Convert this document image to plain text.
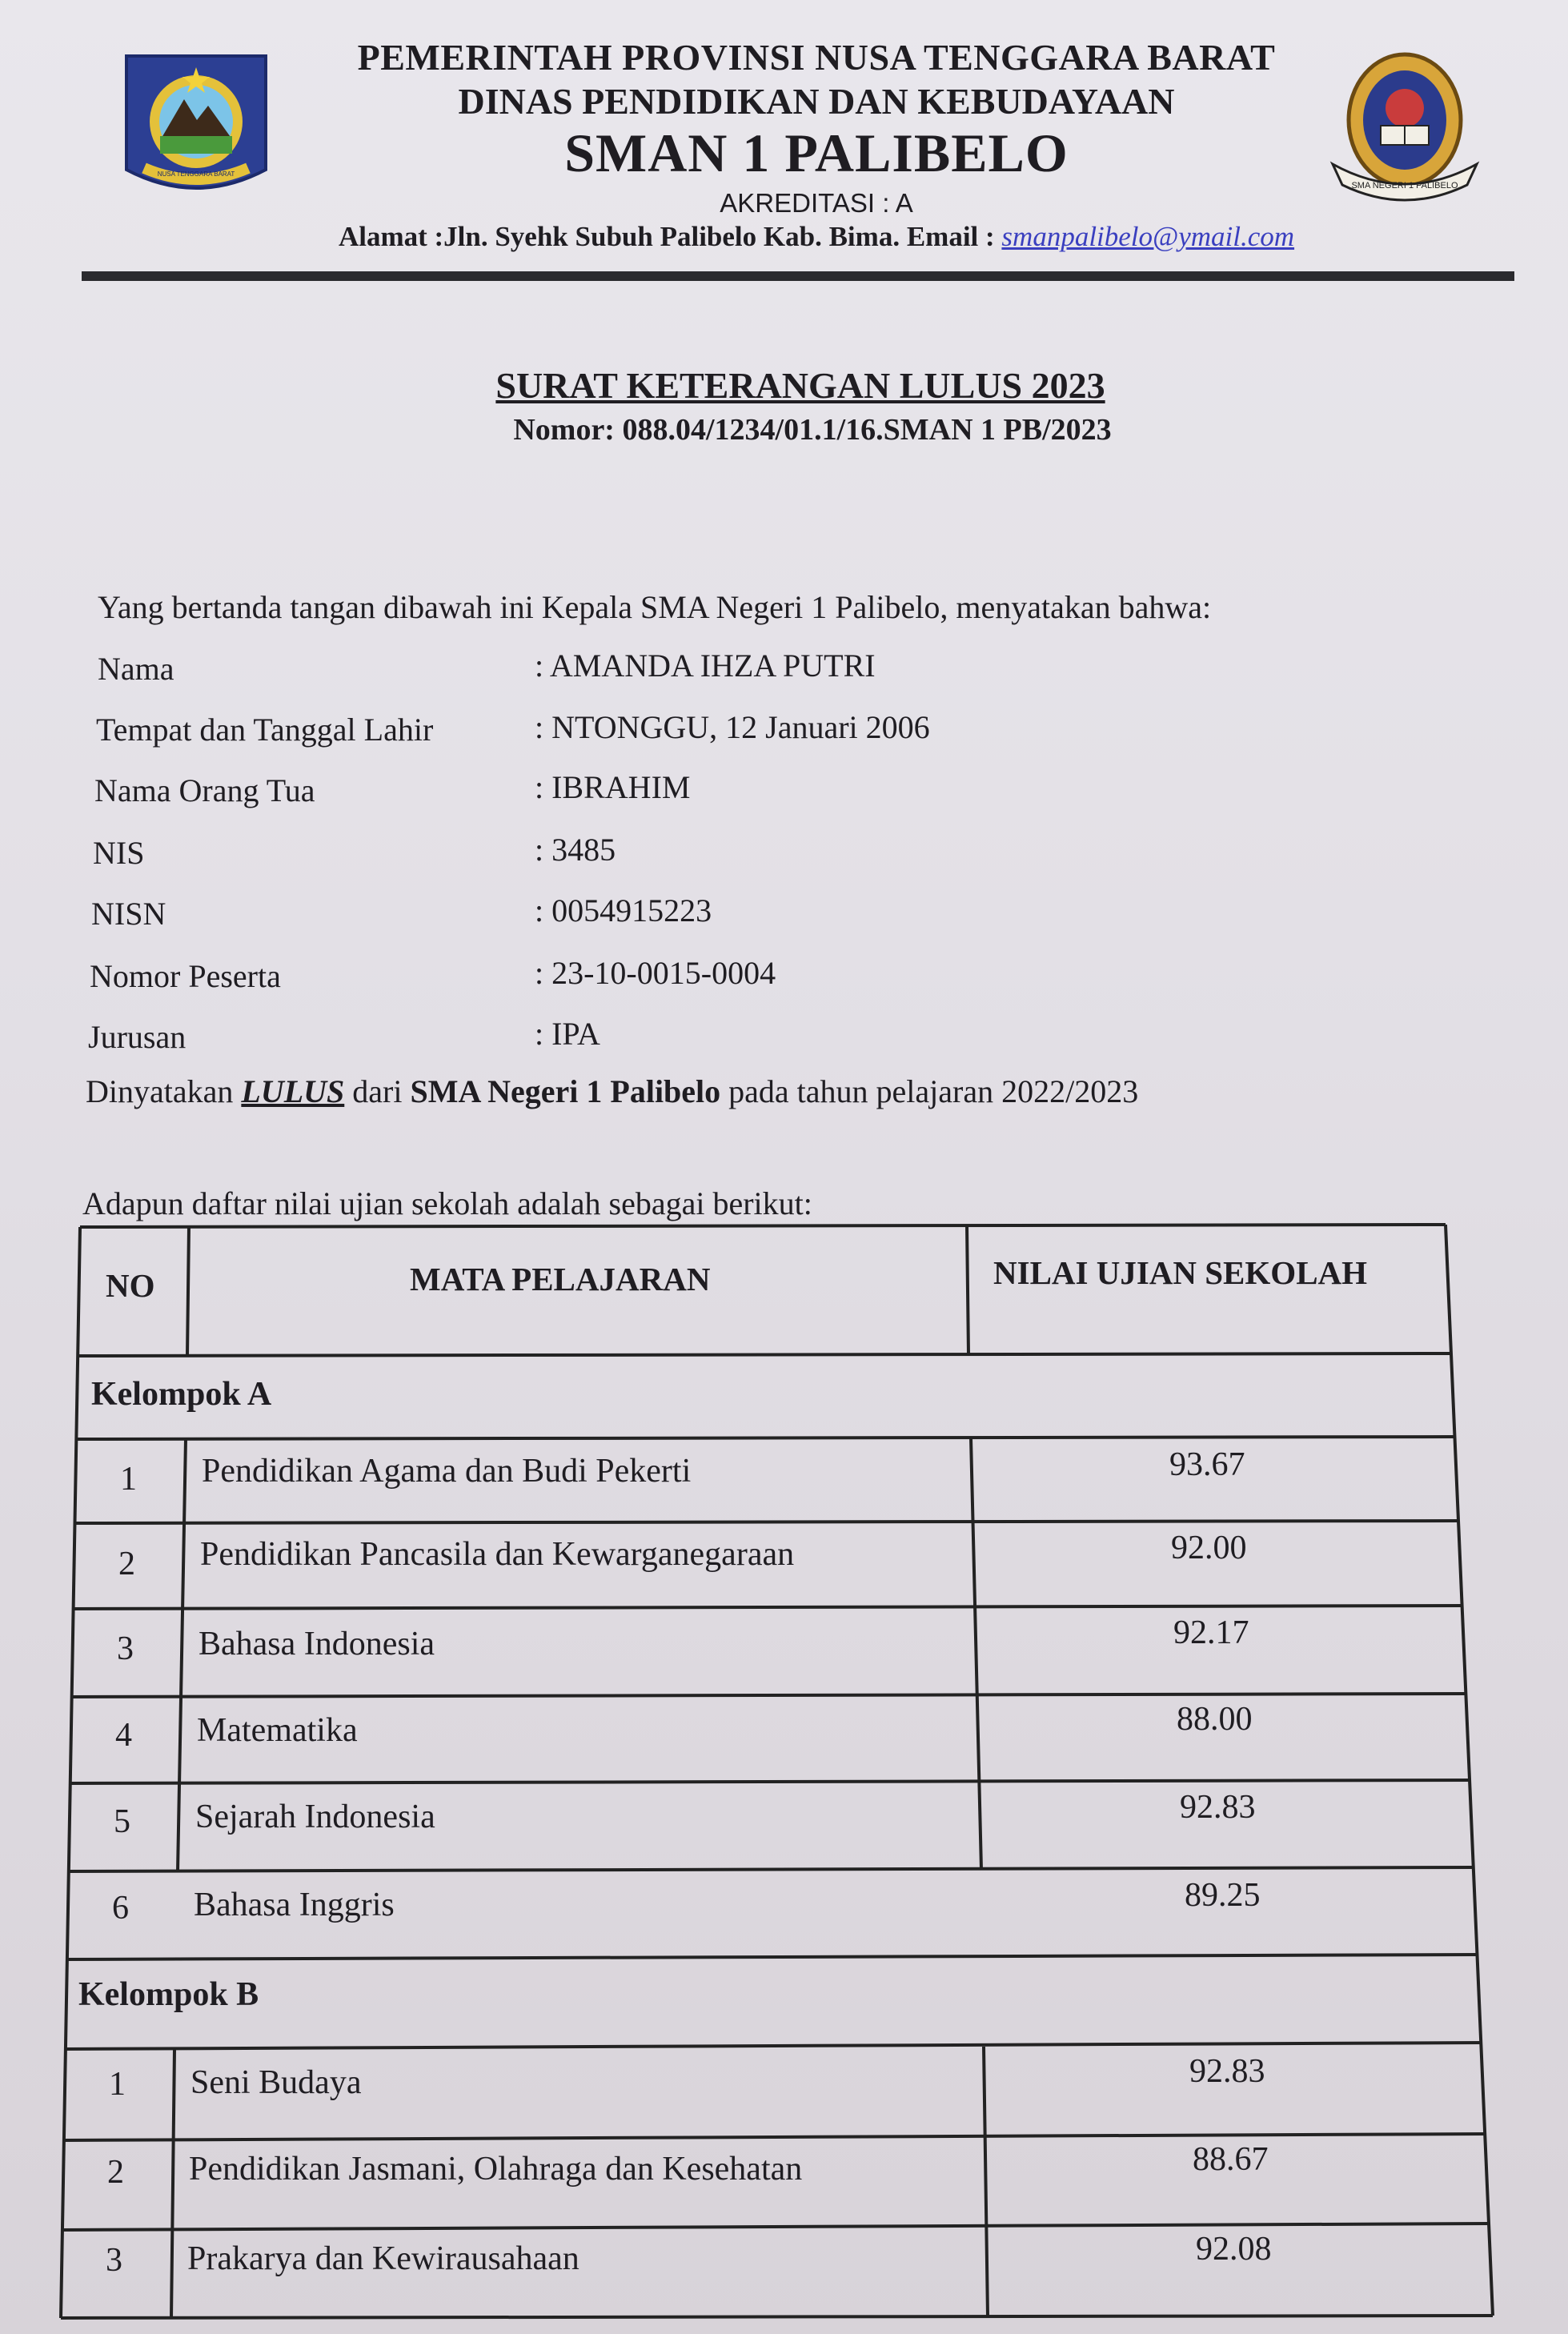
NUSA TENGGARA BARAT
SMA NEGERI 1 PALIBELO
PEMERINTAH PROVINSI NUSA TENGGARA BARAT
DINAS PENDIDIKAN DAN KEBUDAYAAN
SMAN 1 PALIBELO
AKREDITASI : A
Alamat :Jln. Syehk Subuh Palibelo Kab. Bima. Email : smanpalibelo@ymail.com
SURAT KETERANGAN LULUS 2023
Nomor: 088.04/1234/01.1/16.SMAN 1 PB/2023
Yang bertanda tangan dibawah ini Kepala SMA Negeri 1 Palibelo, menyatakan bahwa:
Nama	: AMANDA IHZA PUTRI
Tempat dan Tanggal Lahir	: NTONGGU, 12 Januari 2006
Nama Orang Tua	: IBRAHIM
NIS	: 3485
NISN	: 0054915223
Nomor Peserta	: 23-10-0015-0004
Jurusan	: IPA
Dinyatakan LULUS dari SMA Negeri 1 Palibelo pada tahun pelajaran 2022/2023
Adapun daftar nilai ujian sekolah adalah sebagai berikut:
NO	MATA PELAJARAN	NILAI UJIAN SEKOLAH
Kelompok A
1 Pendidikan Agama dan Budi Pekerti	93.67
2 Pendidikan Pancasila dan Kewarganegaraan	92.00
3 Bahasa Indonesia	92.17
4 Matematika	88.00
5 Sejarah Indonesia	92.83
6 Bahasa Inggris	89.25
Kelompok B
1 Seni Budaya	92.83
2 Pendidikan Jasmani, Olahraga dan Kesehatan	88.67
3 Prakarya dan Kewirausahaan	92.08
